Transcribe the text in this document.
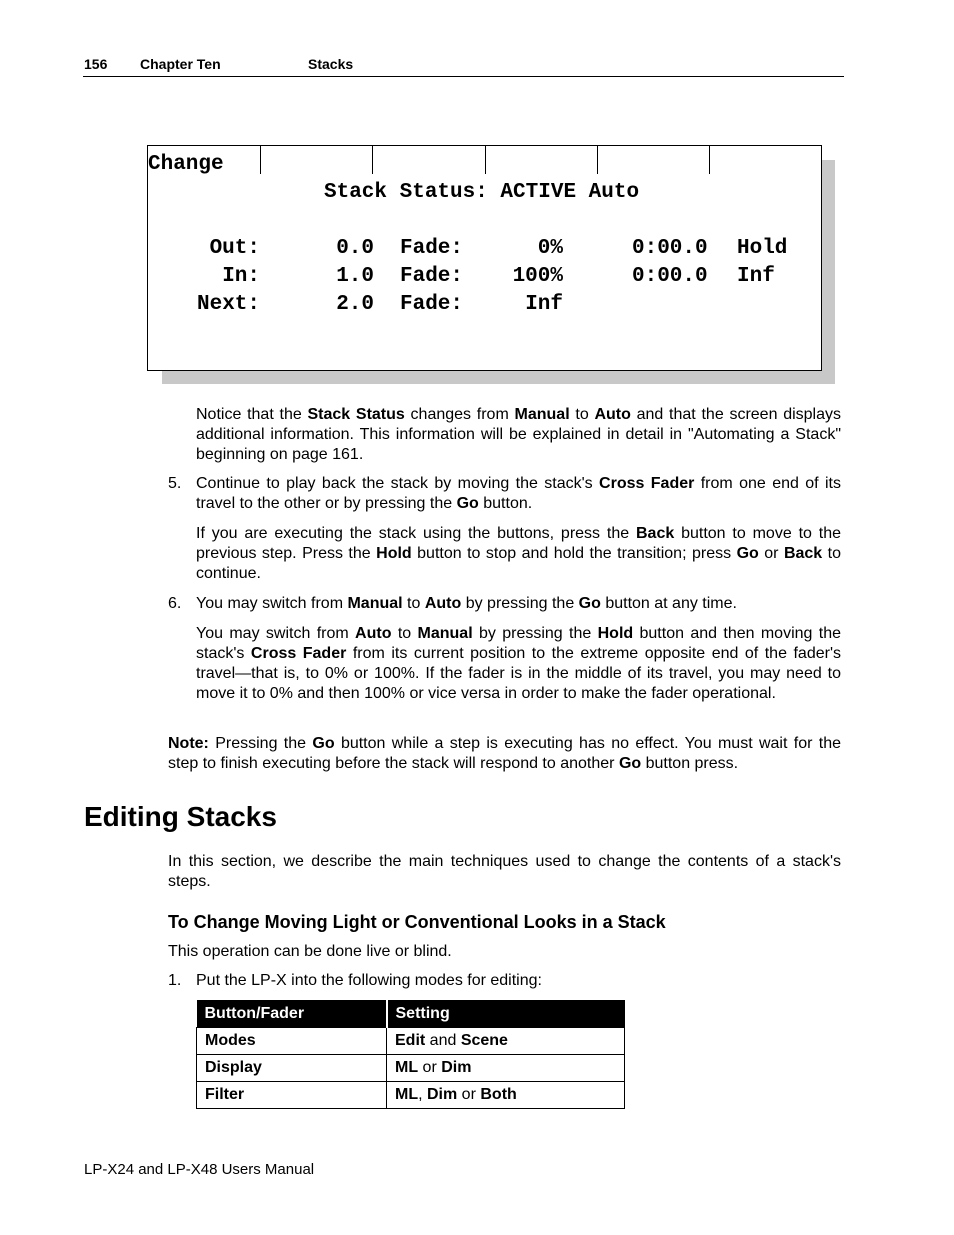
156 Chapter Ten	Stacks
Change
Stack Status: ACTIVE Auto
Out:	0.0 Fade:	0%	0:00.0 Hold
In:	1.0 Fade: 100%	0:00.0 Inf
Next:	2.0 Fade:	Inf
Notice that the Stack Status changes from Manual to Auto and that the screen displays additional information. This information will be explained in detail in "Automating a Stack" beginning on page 161.
5. Continue to play back the stack by moving the stack's Cross Fader from one end of its travel to the other or by pressing the Go button.
If you are executing the stack using the buttons, press the Back button to move to the previous step. Press the Hold button to stop and hold the transition; press Go or Back to continue.
6. You may switch from Manual to Auto by pressing the Go button at any time.
You may switch from Auto to Manual by pressing the Hold button and then moving the stack's Cross Fader from its current position to the extreme opposite end of the fader's travel—that is, to 0% or 100%. If the fader is in the middle of its travel, you may need to move it to 0% and then 100% or vice versa in order to make the fader operational.
Note: Pressing the Go button while a step is executing has no effect. You must wait for the step to finish executing before the stack will respond to another Go button press.
Editing Stacks
In this section, we describe the main techniques used to change the contents of a stack's steps.
To Change Moving Light or Conventional Looks in a Stack
This operation can be done live or blind.
1. Put the LP-X into the following modes for editing:
Button/Fader	Setting
Modes	Edit and Scene
Display	ML or Dim
Filter	ML, Dim or Both
LP-X24 and LP-X48 Users Manual
